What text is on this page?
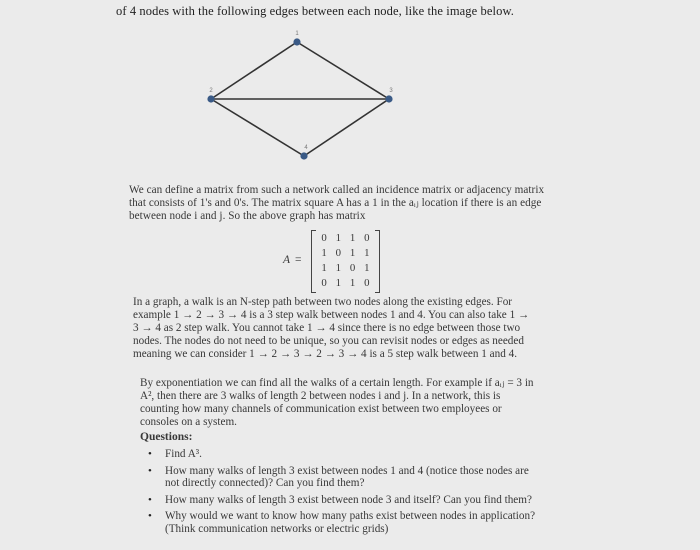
of 4 nodes with the following edges between each node, like the image below.
1
2	3
4
We can define a matrix from such a network called an incidence matrix or adjacency matrix that consists of 1's and 0's. The matrix square A has a 1 in the aᵢⱼ location if there is an edge between node i and j. So the above graph has matrix
A =
0 1 1 0
1 0 1 1
1 1 0 1
0 1 1 0
In a graph, a walk is an N-step path between two nodes along the existing edges. For example 1 → 2 → 3 → 4 is a 3 step walk between nodes 1 and 4. You can also take 1 → 3 → 4 as 2 step walk. You cannot take 1 → 4 since there is no edge between those two nodes. The nodes do not need to be unique, so you can revisit nodes or edges as needed meaning we can consider 1 → 2 → 3 → 2 → 3 → 4 is a 5 step walk between 1 and 4.
By exponentiation we can find all the walks of a certain length. For example if aᵢⱼ = 3 in A², then there are 3 walks of length 2 between nodes i and j. In a network, this is counting how many channels of communication exist between two employees or consoles on a system.
Questions:
• Find A³.
• How many walks of length 3 exist between nodes 1 and 4 (notice those nodes are not directly connected)? Can you find them?
• How many walks of length 3 exist between node 3 and itself? Can you find them?
• Why would we want to know how many paths exist between nodes in application? (Think communication networks or electric grids)
